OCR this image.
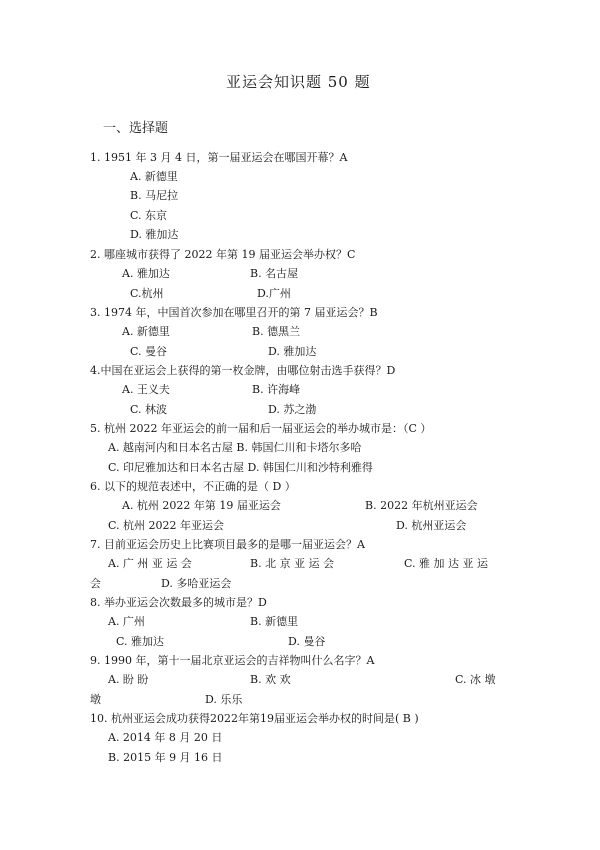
亚运会知识题 50 题
一、选择题
1. 1951 年 3 月 4 日，第一届亚运会在哪国开幕？A
A. 新德里
B. 马尼拉
C. 东京
D. 雅加达
2. 哪座城市获得了 2022 年第 19 届亚运会举办权？C
A. 雅加达	B. 名古屋
C.杭州	D.广州
3. 1974 年，中国首次参加在哪里召开的第 7 届亚运会？B
A. 新德里	B. 德黑兰
C. 曼谷	D. 雅加达
4.中国在亚运会上获得的第一枚金牌，由哪位射击选手获得？D
A. 王义夫	B. 许海峰
C. 林波	D. 苏之渤
5. 杭州 2022 年亚运会的前一届和后一届亚运会的举办城市是：（C ）
A. 越南河内和日本名古屋 B. 韩国仁川和卡塔尔多哈
C. 印尼雅加达和日本名古屋 D. 韩国仁川和沙特利雅得
6. 以下的规范表述中，不正确的是（ D ）
A. 杭州 2022 年第 19 届亚运会	B. 2022 年杭州亚运会
C. 杭州 2022 年亚运会	D. 杭州亚运会
7. 目前亚运会历史上比赛项目最多的是哪一届亚运会？A
A. 广 州 亚 运 会	B. 北 京 亚 运 会	C. 雅 加 达 亚 运
会	D. 多哈亚运会
8. 举办亚运会次数最多的城市是？D
A. 广州	B. 新德里
C. 雅加达	D. 曼谷
9. 1990 年，第十一届北京亚运会的吉祥物叫什么名字？A
A. 盼 盼	B. 欢 欢	C. 冰 墩
墩	D. 乐乐
10. 杭州亚运会成功获得2022年第19届亚运会举办权的时间是( B )
A. 2014 年 8 月 20 日
B. 2015 年 9 月 16 日
